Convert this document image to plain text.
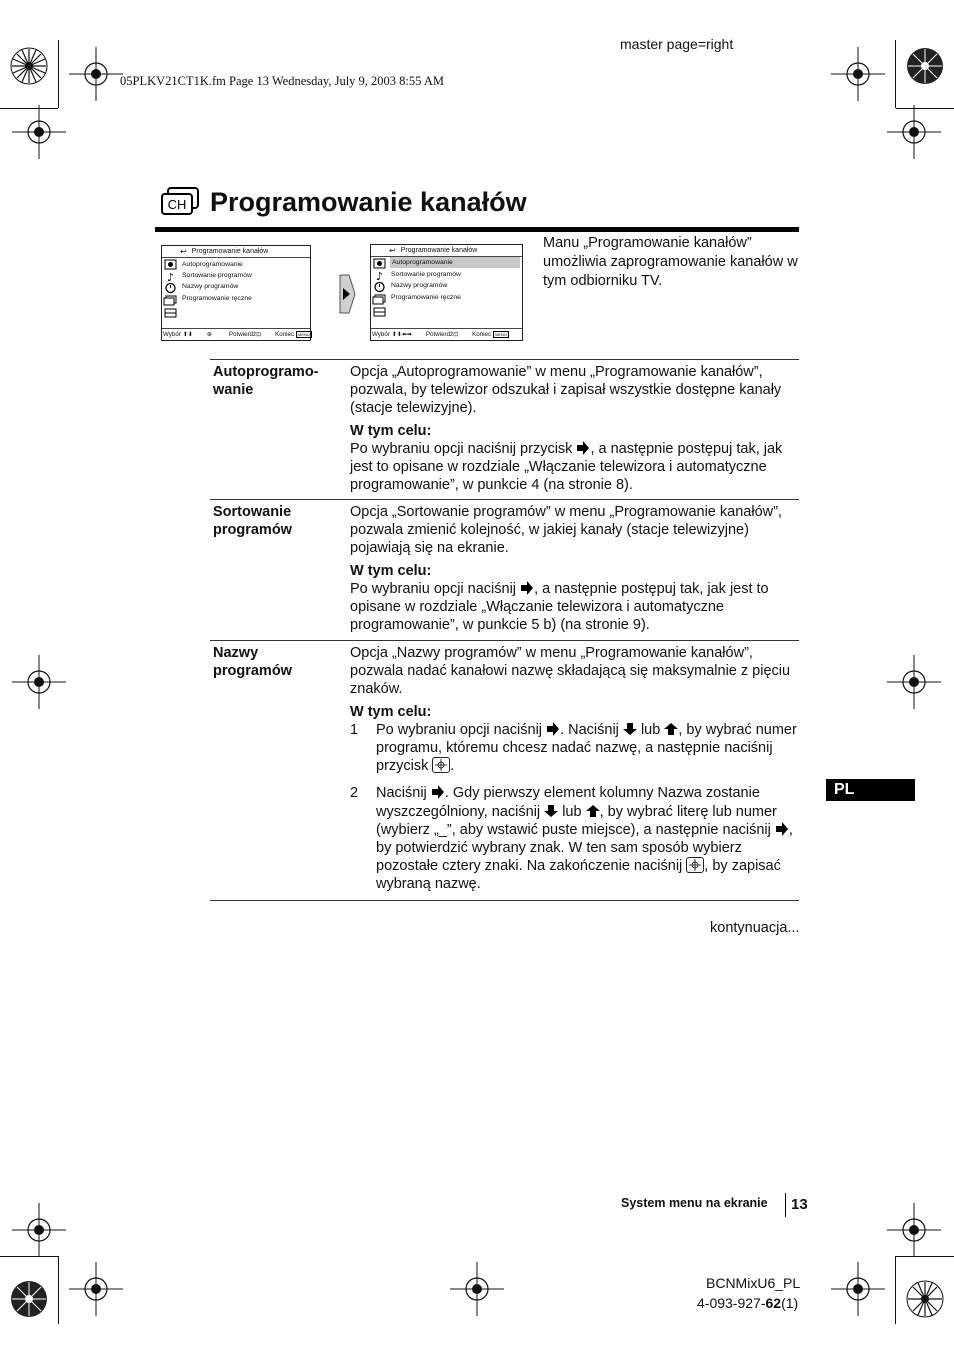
master page=right
05PLKV21CT1K.fm Page 13 Wednesday, July 9, 2003 8:55 AM
CH Programowanie kanałów
↩ Programowanie kanałów
♪
Autoprogramowanie
Sortowanie programów
Nazwy programów
Programowanie ręczne
Wybór ⬆⬇ ⊕	Potwierdź ⊡ Koniec	MENU
↩ Programowanie kanałów
♪
Autoprogramowanie
Sortowanie programów
Nazwy programów
Programowanie ręczne
Wybór ⬆⬇⬅➡ Potwierdź ⊡ Koniec	MENU
Manu „Programowanie kanałów” umożliwia zaprogramowanie kanałów w tym odbiorniku TV.
Autoprogramo-
wanie

Opcja „Autoprogramowanie” w menu „Programowanie kanałów”, pozwala, by telewizor odszukał i zapisał wszystkie dostępne kanały (stacje telewizyjne).

W tym celu:

Po wybraniu opcji naciśnij przycisk , a następnie postępuj tak, jak jest to opisane w rozdziale „Włączanie telewizora i automatyczne programowanie”, w punkcie 4 (na stronie 8).

Sortowanie
programów

Opcja „Sortowanie programów” w menu „Programowanie kanałów”, pozwala zmienić kolejność, w jakiej kanały (stacje telewizyjne) pojawiają się na ekranie.

W tym celu:

Po wybraniu opcji naciśnij , a następnie postępuj tak, jak jest to opisane w rozdziale „Włączanie telewizora i automatyczne programowanie”, w punkcie 5 b) (na stronie 9).

Nazwy
programów

Opcja „Nazwy programów” w menu „Programowanie kanałów”, pozwala nadać kanałowi nazwę składającą się maksymalnie z pięciu znaków.

W tym celu:

1	Po wybraniu opcji naciśnij . Naciśnij  lub , by wybrać numer programu, któremu chcesz nadać nazwę, a następnie naciśnij przycisk .
2	Naciśnij . Gdy pierwszy element kolumny Nazwa zostanie wyszczególniony, naciśnij  lub , by wybrać literę lub numer (wybierz „_”, aby wstawić puste miejsce), a następnie naciśnij , by potwierdzić wybrany znak. W ten sam sposób wybierz pozostałe cztery znaki. Na zakończenie naciśnij , by zapisać wybraną nazwę.
kontynuacja...
PL
System menu na ekranie 13
BCNMixU6_PL
4-093-927-62(1)
